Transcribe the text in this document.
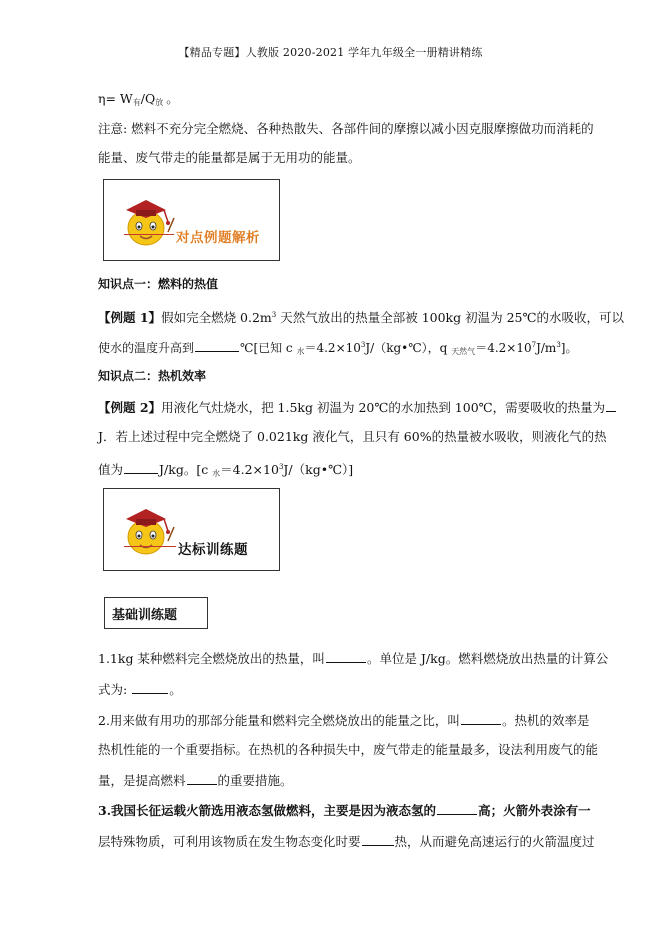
【精品专题】人教版 2020-2021 学年九年级全一册精讲精练
$\eta= W_有/Q_放$ 。
注意: 燃料不充分完全燃烧、各种热散失、各部件间的摩擦以减小因克服摩擦做功而消耗的
能量、废气带走的能量都是属于无用功的能量。
对点例题解析
知识点一：燃料的热值
【例题 1】假如完全燃烧 $0.2m^3$ 天然气放出的热量全部被 100kg 初温为 25℃的水吸收，可以
使水的温度升高到	℃[已知 c $_水=4.2\times 10^3J/(kg•℃)$，q $_{天然气}=4.2\times 10^7J/m^3$]。
知识点二：热机效率
【例题 2】用液化气灶烧水，把 1.5kg 初温为 20℃的水加热到 100℃，需要吸收的热量为
J．若上述过程中完全燃烧了 0.021kg 液化气，且只有 60%的热量被水吸收，则液化气的热
值为	J/kg。[c $_水=4.2\times 10^3J/(kg•℃)$]
达标训练题
基础训练题
1.1kg 某种燃料完全燃烧放出的热量，叫	。单位是 J/kg。燃料燃烧放出热量的计算公
式为:	。
2.用来做有用功的那部分能量和燃料完全燃烧放出的能量之比，叫	。热机的效率是
热机性能的一个重要指标。在热机的各种损失中，废气带走的能量最多，设法利用废气的能
量，是提高燃料	的重要措施。
3.我国长征运载火箭选用液态氢做燃料，主要是因为液态氢的	高；火箭外表涂有一
层特殊物质，可利用该物质在发生物态变化时要	热，从而避免高速运行的火箭温度过
